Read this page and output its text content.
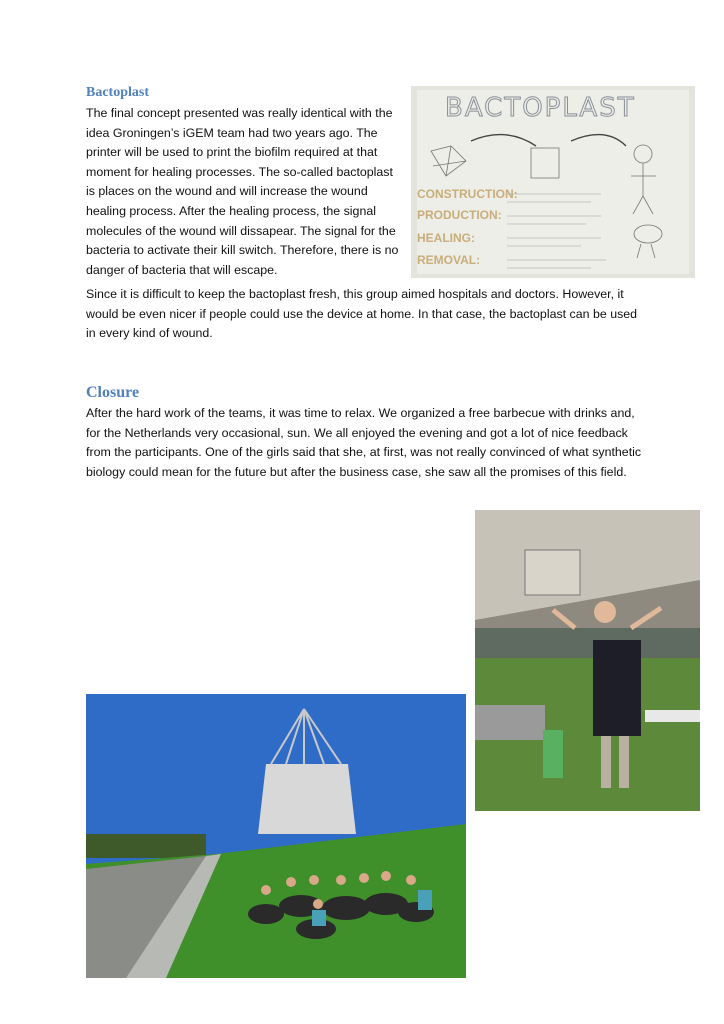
Bactoplast

The final concept presented was really identical with the idea Groningen’s iGEM team had two years ago. The printer will be used to print the biofilm required at that moment for healing processes. The so-called bactoplast is places on the wound and will increase the wound healing process. After the healing process, the signal molecules of the wound will dissapear. The signal for the bacteria to activate their kill switch. Therefore, there is no danger of bacteria that will escape.

BACTOPLAST
CONSTRUCTION:
PRODUCTION:
HEALING:
REMOVAL:

Since it is difficult to keep the bactoplast fresh, this group aimed hospitals and doctors. However, it would be even nicer if people could use the device at home. In that case, the bactoplast can be used in every kind of wound.

Closure

After the hard work of the teams, it was time to relax. We organized a free barbecue with drinks and, for the Netherlands very occasional, sun. We all enjoyed the evening and got a lot of nice feedback from the participants. One of the girls said that she, at first, was not really convinced of what synthetic biology could mean for the future but after the business case, she saw all the promises of this field.
